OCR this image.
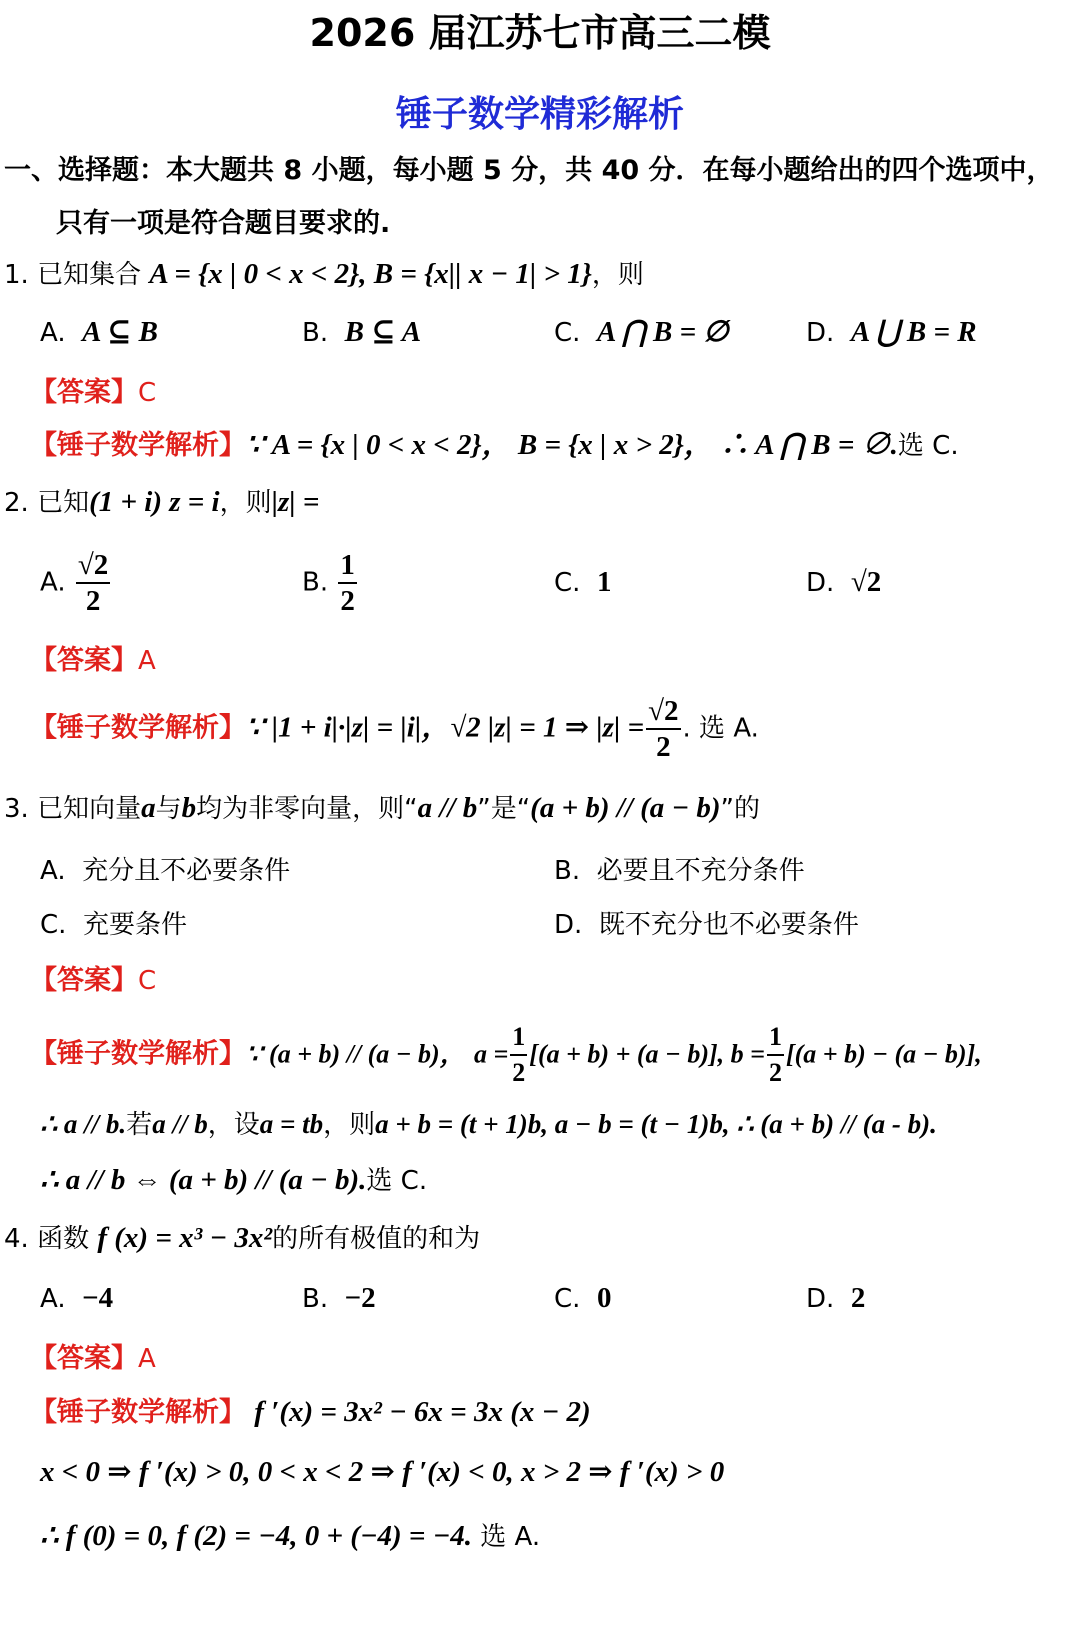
2026 届江苏七市高三二模
锤子数学精彩解析
一、选择题：本大题共 8 小题，每小题 5 分，共 40 分．在每小题给出的四个选项中，
只有一项是符合题目要求的.
1. 已知集合 A = {x | 0 < x < 2}, B = {x|| x − 1| > 1}，则
A. A ⊆ B	B. B ⊆ A	C. A ⋂ B = ∅	D. A ⋃ B = R
【答案】C
【锤子数学解析】∵ A = {x | 0 < x < 2}， B = {x | x > 2}， ∴ A ⋂ B = ∅.选 C.
2. 已知(1 + i) z = i，则|z| =
A. $\frac{√2}{2}$	B. $\frac{1}{2}$	C. 1	D. √2
【答案】A
【锤子数学解析】∵ |1 + i|·|z| = |i|，√2 |z| = 1 ⇒ $|z| = \frac{√2}{2}$ . 选 A.
3. 已知向量a与b均为非零向量，则“a // b”是“(a + b) // (a − b)”的
A. 充分且不必要条件	B. 必要且不充分条件
C. 充要条件	D. 既不充分也不必要条件
【答案】C
【锤子数学解析】∵ (a + b) // (a − b)， $a = \frac{1}{2} [(a + b) + (a - b)]$, $b = \frac{1}{2} [(a + b) - (a - b)]$,
∴ a // b.若a // b，设a = tb，则a + b = (t + 1)b, a − b = (t − 1)b, ∴ (a + b) // (a - b).
∴ a // b ⇔ (a + b) // (a − b).选 C.
4. 函数 f (x) = x³ − 3x²的所有极值的和为
A. −4	B. −2	C. 0	D. 2
【答案】A
【锤子数学解析】 f ′(x) = 3x² − 6x = 3x (x − 2)
x < 0 ⇒ f ′(x) > 0, 0 < x < 2 ⇒ f ′(x) < 0, x > 2 ⇒ f ′(x) > 0
∴ f (0) = 0, f (2) = −4, 0 + (−4) = −4. 选 A.
